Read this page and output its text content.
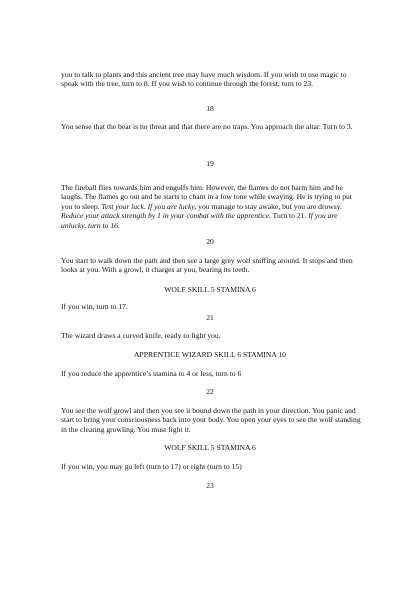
you to talk to plants and this ancient tree may have much wisdom. If you wish to use magic to speak with the tree, turn to 8. If you wish to continue through the forest, turn to 23.

18

You sense that the bear is no threat and that there are no traps. You approach the altar. Turn to 3.

19

The fireball flies towards him and engulfs him. However, the flames do not harm him and he laughs. The flames go out and he starts to chant in a low tone while swaying. He is trying to put you to sleep. Test your luck. If you are lucky, you manage to stay awake, but you are drowsy. Reduce your attack strength by 1 in your combat with the apprentice. Turn to 21. If you are unlucky, turn to 16.

20

You start to walk down the path and then see a large grey wolf sniffing around. It stops and then looks at you. With a growl, it charges at you, bearing its teeth.

WOLF SKILL 5 STAMINA 6

If you win, turn to 17.

21

The wizard draws a curved knife, ready to fight you.

APPRENTICE WIZARD SKILL 6 STAMINA 10

If you reduce the apprentice’s stamina to 4 or less, turn to 6

22

You see the wolf growl and then you see it bound down the path in your direction. You panic and start to bring your consciousness back into your body. You open your eyes to see the wolf standing in the clearing growling. You must fight it.

WOLF SKILL 5 STAMINA 6

If you win, you may go left (turn to 17) or right (turn to 15)

23
